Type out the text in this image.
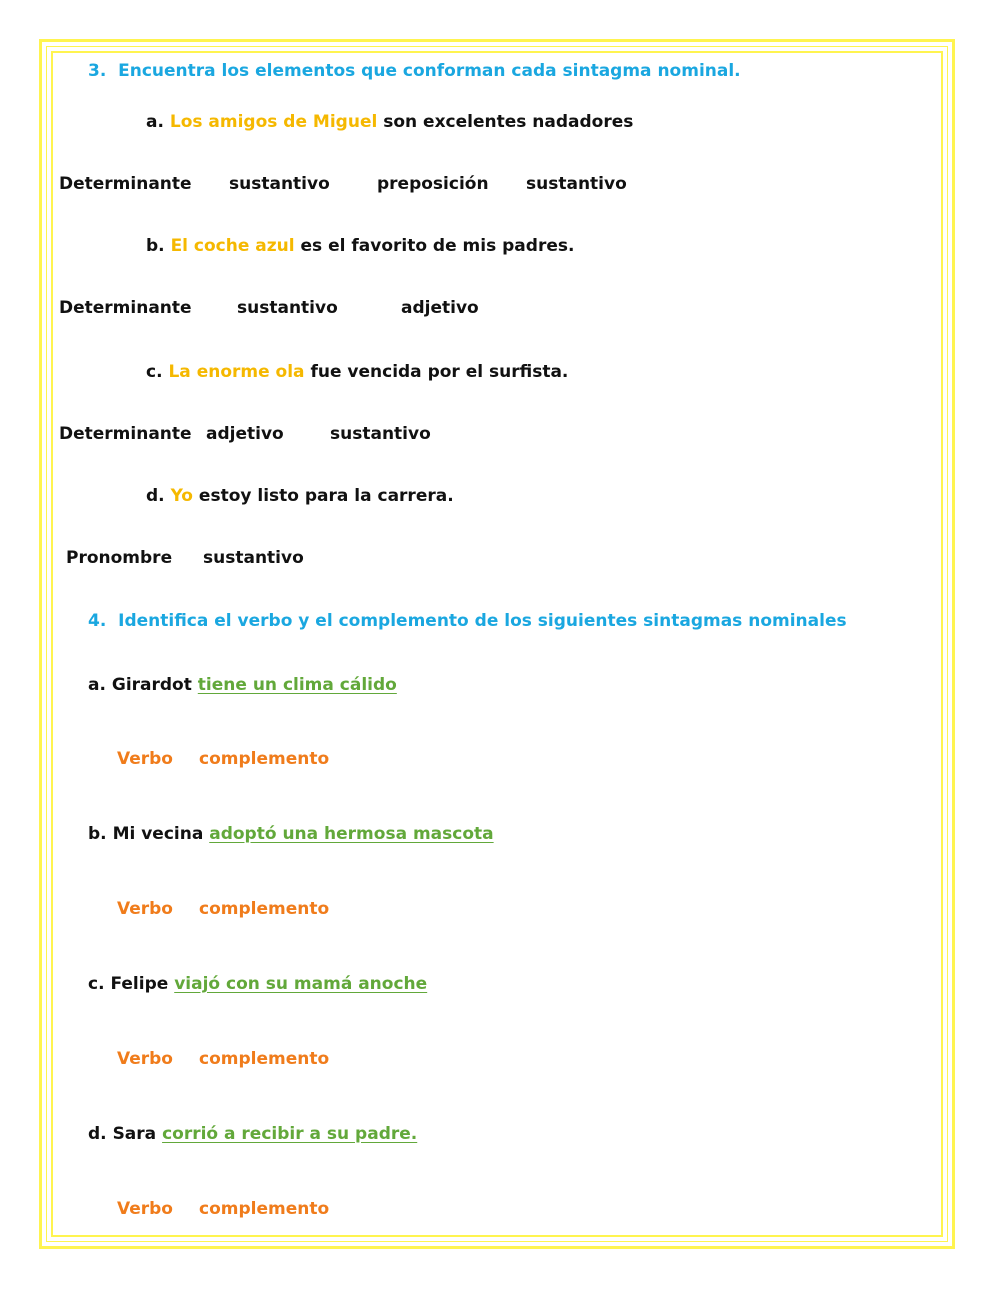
3.  Encuentra los elementos que conforman cada sintagma nominal.
a. Los amigos de Miguel son excelentes nadadores

Determinante

sustantivo

	preposición

sustantivo

b. El coche azul es el favorito de mis padres.

Determinante

	sustantivo

	adjetivo

c. La enorme ola fue vencida por el surfista.

Determinante

adjetivo

	sustantivo

d. Yo estoy listo para la carrera.

Pronombre

sustantivo

4.  Identifica el verbo y el complemento de los siguientes sintagmas nominales
a. Girardot tiene un clima cálido

Verbo

complemento

b. Mi vecina adoptó una hermosa mascota

Verbo

complemento

c. Felipe viajó con su mamá anoche

Verbo

complemento

d. Sara corrió a recibir a su padre.

Verbo

complemento
